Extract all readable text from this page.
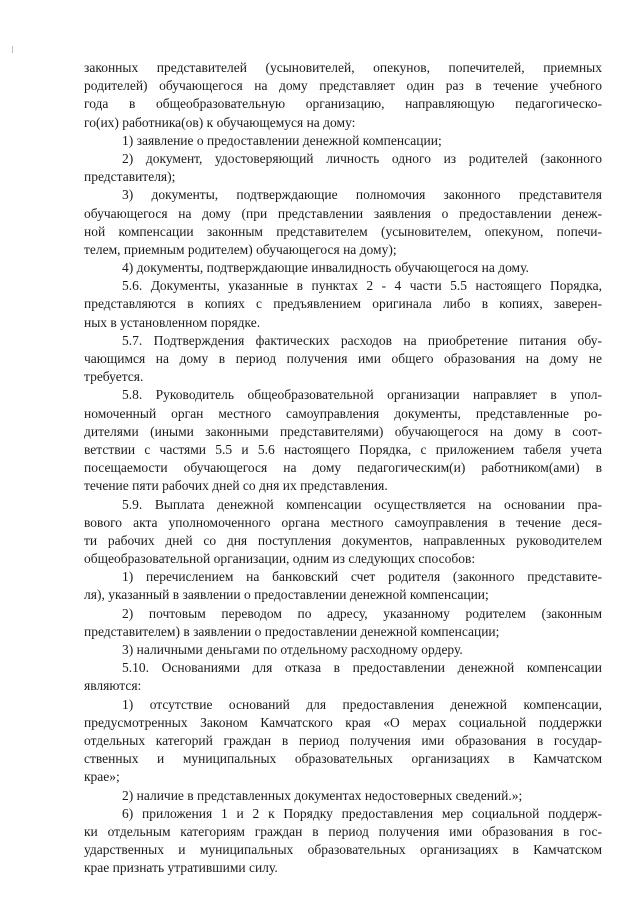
законных представителей (усыновителей, опекунов, попечителей, приемных
родителей) обучающегося на дому представляет один раз в течение учебного
года в общеобразовательную организацию, направляющую педагогическо-
го(их) работника(ов) к обучающемуся на дому:
1) заявление о предоставлении денежной компенсации;
2) документ, удостоверяющий личность одного из родителей (законного
представителя);
3) документы, подтверждающие полномочия законного представителя
обучающегося на дому (при представлении заявления о предоставлении денеж-
ной компенсации законным представителем (усыновителем, опекуном, попечи-
телем, приемным родителем) обучающегося на дому);
4) документы, подтверждающие инвалидность обучающегося на дому.
5.6. Документы, указанные в пунктах 2 - 4 части 5.5 настоящего Порядка,
представляются в копиях с предъявлением оригинала либо в копиях, заверен-
ных в установленном порядке.
5.7. Подтверждения фактических расходов на приобретение питания обу-
чающимся на дому в период получения ими общего образования на дому не
требуется.
5.8. Руководитель общеобразовательной организации направляет в упол-
номоченный орган местного самоуправления документы, представленные ро-
дителями (иными законными представителями) обучающегося на дому в соот-
ветствии с частями 5.5 и 5.6 настоящего Порядка, с приложением табеля учета
посещаемости обучающегося на дому педагогическим(и) работником(ами) в
течение пяти рабочих дней со дня их представления.
5.9. Выплата денежной компенсации осуществляется на основании пра-
вового акта уполномоченного органа местного самоуправления в течение деся-
ти рабочих дней со дня поступления документов, направленных руководителем
общеобразовательной организации, одним из следующих способов:
1) перечислением на банковский счет родителя (законного представите-
ля), указанный в заявлении о предоставлении денежной компенсации;
2) почтовым переводом по адресу, указанному родителем (законным
представителем) в заявлении о предоставлении денежной компенсации;
3) наличными деньгами по отдельному расходному ордеру.
5.10. Основаниями для отказа в предоставлении денежной компенсации
являются:
1) отсутствие оснований для предоставления денежной компенсации,
предусмотренных Законом Камчатского края «О мерах социальной поддержки
отдельных категорий граждан в период получения ими образования в государ-
ственных и муниципальных образовательных организациях в Камчатском
крае»;
2) наличие в представленных документах недостоверных сведений.»;
6) приложения 1 и 2 к Порядку предоставления мер социальной поддерж-
ки отдельным категориям граждан в период получения ими образования в гос-
ударственных и муниципальных образовательных организациях в Камчатском
крае признать утратившими силу.
